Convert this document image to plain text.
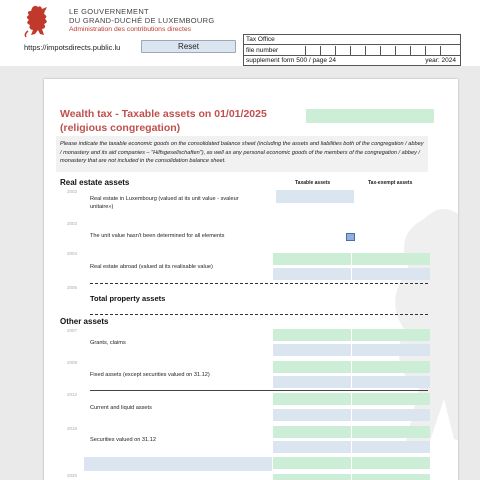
LE GOUVERNEMENT
DU GRAND-DUCHÉ DE LUXEMBOURG
Administration des contributions directes
https://impotsdirects.public.lu	Reset
Tax Office
file number
supplement form 500 / page 24	year: 2024
Wealth tax - Taxable assets on 01/01/2025
(religious congregation)
Please indicate the taxable economic goods on the consolidated balance sheet (including the assets and liabilities both of the congregation / abbey / monastery and its aid companies – "Hilfsgesellschaften"), as well as any personal economic goods of the members of the congregation / abbey / monastery that are not included in the consolidation balance sheet.
Real estate assets	Taxable assets	Tax-exempt assets
2002
Real estate in Luxembourg (valued at its unit value - svaleur
unitaire»)
2003
The unit value hasn't been determined for all elements
2004
Real estate abroad (valued at its realisable value)
2005
Total property assets
Other assets
2007
Grants, claims
2008
Fixed assets (except securities valued on 31.12)
2012
Current and liquid assets
2016
Securities valued on 31.12
2020
